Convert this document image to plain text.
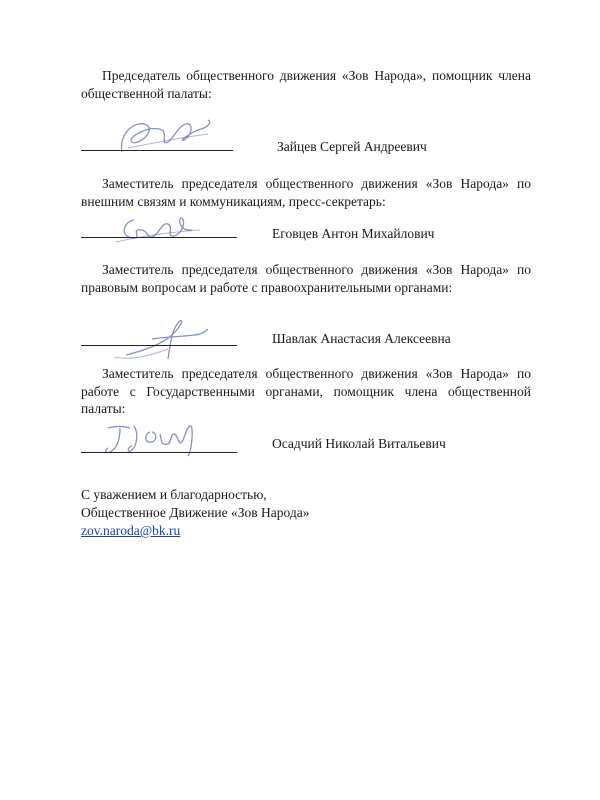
Председатель общественного движения «Зов Народа», помощник члена общественной палаты:
Зайцев Сергей Андреевич
Заместитель председателя общественного движения «Зов Народа» по внешним связям и коммуникациям, пресс-секретарь:
Еговцев Антон Михайлович
Заместитель председателя общественного движения «Зов Народа» по правовым вопросам и работе с правоохранительными органами:
Шавлак Анастасия Алексеевна
Заместитель председателя общественного движения «Зов Народа» по работе с Государственными органами, помощник члена общественной палаты:
Осадчий Николай Витальевич
С уважением и благодарностью,
Общественное Движение «Зов Народа»
zov.naroda@bk.ru
